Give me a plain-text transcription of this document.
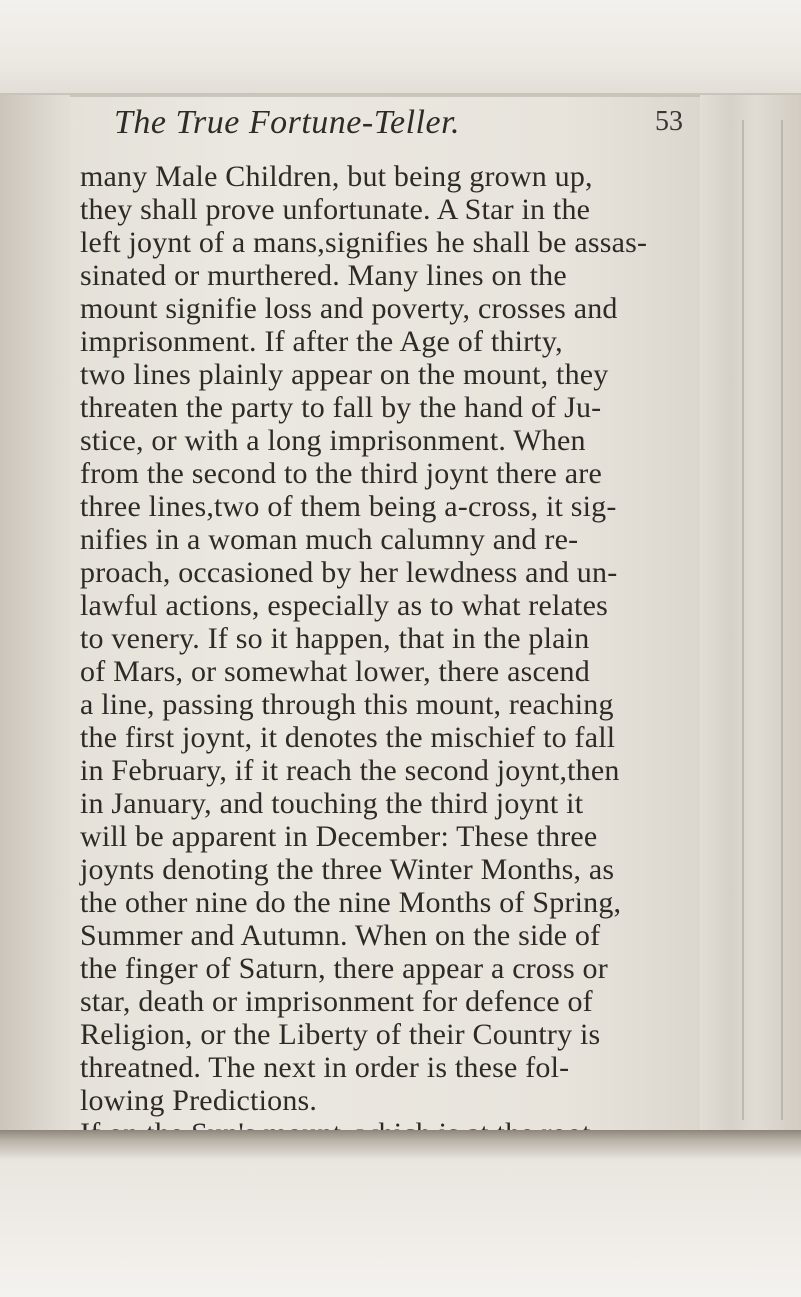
The True Fortune-Teller.	53
many Male Children, but being grown up,
they shall prove unfortunate. A Star in the
left joynt of a mans,signifies he shall be assas-
sinated or murthered. Many lines on the
mount signifie loss and poverty, crosses and
imprisonment. If after the Age of thirty,
two lines plainly appear on the mount, they
threaten the party to fall by the hand of Ju-
stice, or with a long imprisonment. When
from the second to the third joynt there are
three lines,two of them being a-cross, it sig-
nifies in a woman much calumny and re-
proach, occasioned by her lewdness and un-
lawful actions, especially as to what relates
to venery. If so it happen, that in the plain
of Mars, or somewhat lower, there ascend
a line, passing through this mount, reaching
the first joynt, it denotes the mischief to fall
in February, if it reach the second joynt,then
in January, and touching the third joynt it
will be apparent in December: These three
joynts denoting the three Winter Months, as
the other nine do the nine Months of Spring,
Summer and Autumn. When on the side of
the finger of Saturn, there appear a cross or
star, death or imprisonment for defence of
Religion, or the Liberty of their Country is
threatned. The next in order is these fol-
lowing Predictions.
